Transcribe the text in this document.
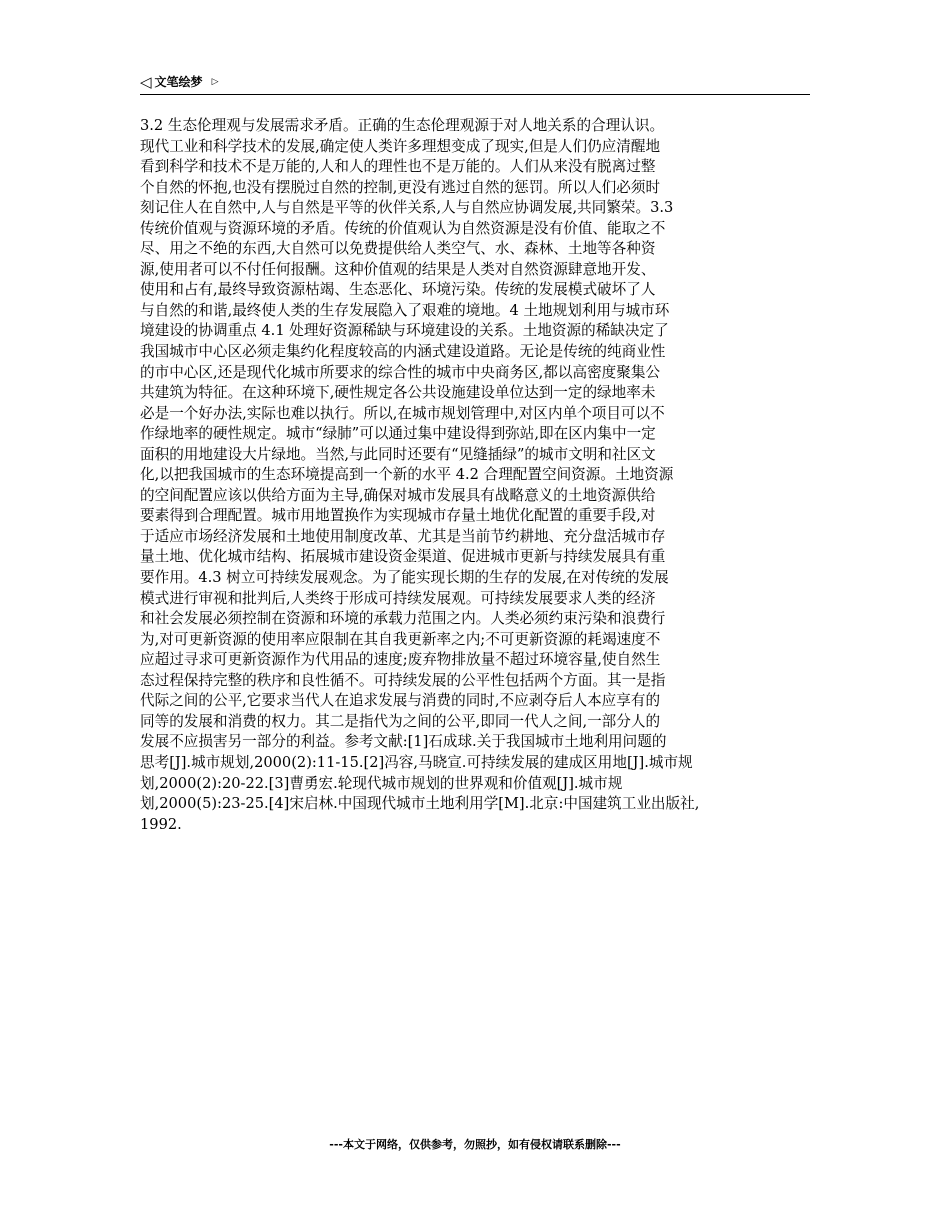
◁ 文笔绘梦 ▷
3.2 生态伦理观与发展需求矛盾。正确的生态伦理观源于对人地关系的合理认识。
现代工业和科学技术的发展,确定使人类许多理想变成了现实,但是人们仍应清醒地
看到科学和技术不是万能的,人和人的理性也不是万能的。人们从来没有脱离过整
个自然的怀抱,也没有摆脱过自然的控制,更没有逃过自然的惩罚。所以人们必须时
刻记住人在自然中,人与自然是平等的伙伴关系,人与自然应协调发展,共同繁荣。3.3
传统价值观与资源环境的矛盾。传统的价值观认为自然资源是没有价值、能取之不
尽、用之不绝的东西,大自然可以免费提供给人类空气、水、森林、土地等各种资
源,使用者可以不付任何报酬。这种价值观的结果是人类对自然资源肆意地开发、
使用和占有,最终导致资源枯竭、生态恶化、环境污染。传统的发展模式破坏了人
与自然的和谐,最终使人类的生存发展隐入了艰难的境地。4 土地规划利用与城市环
境建设的协调重点 4.1 处理好资源稀缺与环境建设的关系。土地资源的稀缺决定了
我国城市中心区必须走集约化程度较高的内涵式建设道路。无论是传统的纯商业性
的市中心区,还是现代化城市所要求的综合性的城市中央商务区,都以高密度聚集公
共建筑为特征。在这种环境下,硬性规定各公共设施建设单位达到一定的绿地率未
必是一个好办法,实际也难以执行。所以,在城市规划管理中,对区内单个项目可以不
作绿地率的硬性规定。城市“绿肺”可以通过集中建设得到弥站,即在区内集中一定
面积的用地建设大片绿地。当然,与此同时还要有“见缝插绿”的城市文明和社区文
化,以把我国城市的生态环境提高到一个新的水平 4.2 合理配置空间资源。土地资源
的空间配置应该以供给方面为主导,确保对城市发展具有战略意义的土地资源供给
要素得到合理配置。城市用地置换作为实现城市存量土地优化配置的重要手段,对
于适应市场经济发展和土地使用制度改革、尤其是当前节约耕地、充分盘活城市存
量土地、优化城市结构、拓展城市建设资金渠道、促进城市更新与持续发展具有重
要作用。4.3 树立可持续发展观念。为了能实现长期的生存的发展,在对传统的发展
模式进行审视和批判后,人类终于形成可持续发展观。可持续发展要求人类的经济
和社会发展必须控制在资源和环境的承载力范围之内。人类必须约束污染和浪费行
为,对可更新资源的使用率应限制在其自我更新率之内;不可更新资源的耗竭速度不
应超过寻求可更新资源作为代用品的速度;废弃物排放量不超过环境容量,使自然生
态过程保持完整的秩序和良性循不。可持续发展的公平性包括两个方面。其一是指
代际之间的公平,它要求当代人在追求发展与消费的同时,不应剥夺后人本应享有的
同等的发展和消费的权力。其二是指代为之间的公平,即同一代人之间,一部分人的
发展不应损害另一部分的利益。参考文献:[1]石成球.关于我国城市土地利用问题的
思考[J].城市规划,2000(2):11-15.[2]冯容,马晓宣.可持续发展的建成区用地[J].城市规
划,2000(2):20-22.[3]曹勇宏.轮现代城市规划的世界观和价值观[J].城市规
划,2000(5):23-25.[4]宋启林.中国现代城市土地利用学[M].北京:中国建筑工业出版社,
1992.
---本文于网络，仅供参考，勿照抄，如有侵权请联系删除---
